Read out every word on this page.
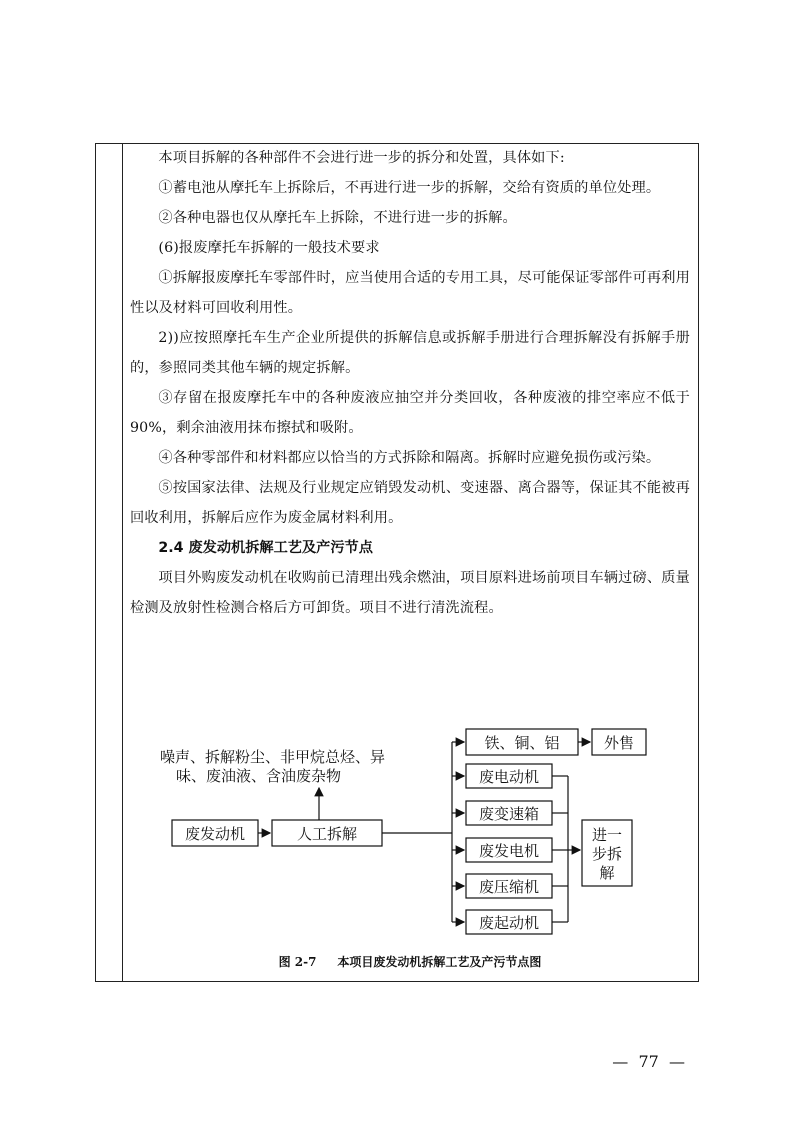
本项目拆解的各种部件不会进行进一步的拆分和处置，具体如下:

①蓄电池从摩托车上拆除后，不再进行进一步的拆解，交给有资质的单位处理。

②各种电器也仅从摩托车上拆除，不进行进一步的拆解。

(6)报废摩托车拆解的一般技术要求

①拆解报废摩托车零部件时，应当使用合适的专用工具，尽可能保证零部件可再利用性以及材料可回收利用性。

2))应按照摩托车生产企业所提供的拆解信息或拆解手册进行合理拆解没有拆解手册的，参照同类其他车辆的规定拆解。

③存留在报废摩托车中的各种废液应抽空并分类回收，各种废液的排空率应不低于 90%，剩余油液用抹布擦拭和吸附。

④各种零部件和材料都应以恰当的方式拆除和隔离。拆解时应避免损伤或污染。

⑤按国家法律、法规及行业规定应销毁发动机、变速器、离合器等，保证其不能被再回收利用，拆解后应作为废金属材料利用。

2.4 废发动机拆解工艺及产污节点

项目外购废发动机在收购前已清理出残余燃油，项目原料进场前项目车辆过磅、质量检测及放射性检测合格后方可卸货。项目不进行清洗流程。

噪声、拆解粉尘、非甲烷总烃、异
味、废油液、含油废杂物
废发动机	人工拆解
铁、铜、铝	外售
废电动机
废变速箱
废发电机
废压缩机
废起动机
进一
步拆
解
图 2-7     本项目废发动机拆解工艺及产污节点图
—  77  —
